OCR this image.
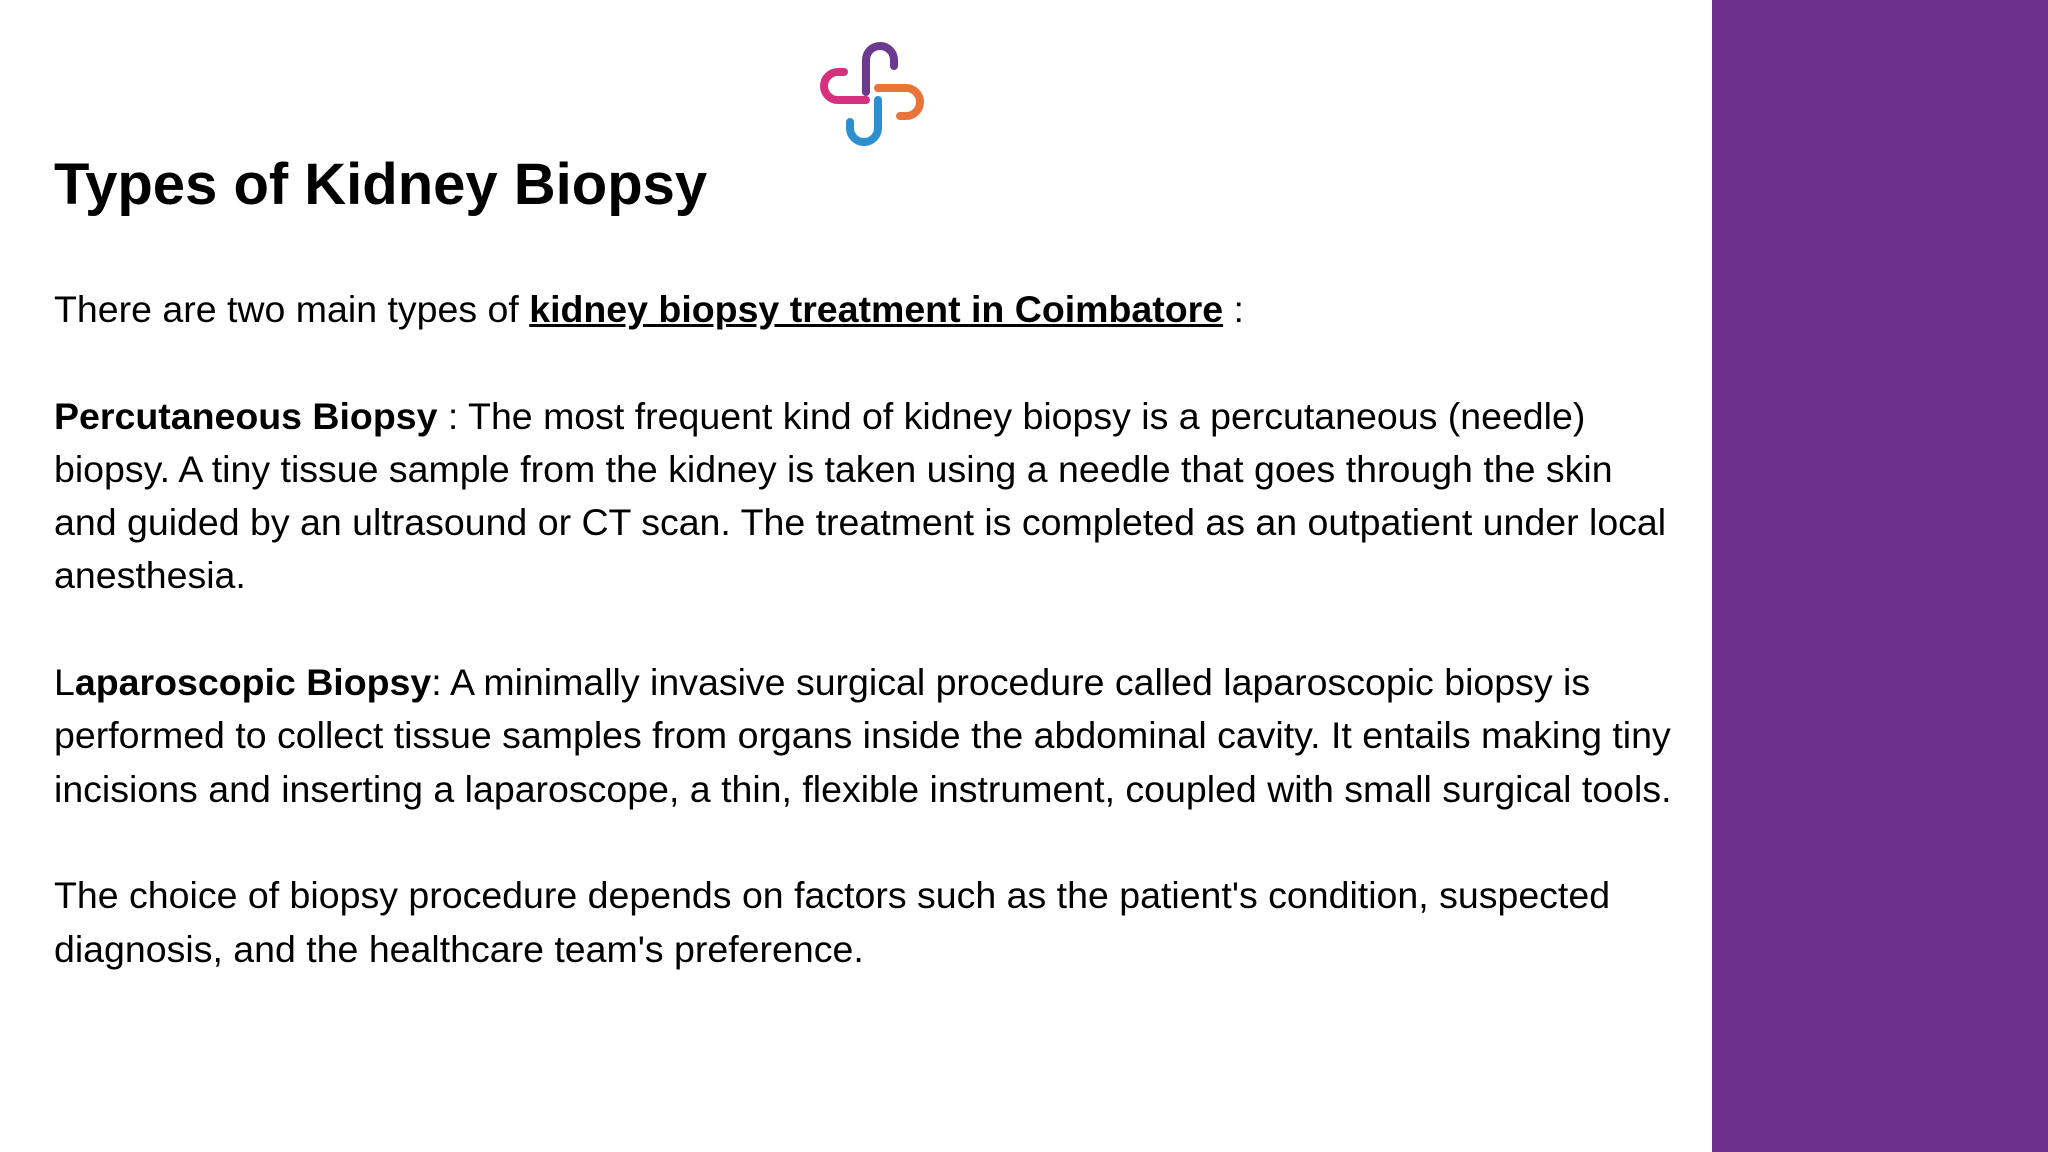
Types of Kidney Biopsy

There are two main types of kidney biopsy treatment in Coimbatore :

Percutaneous Biopsy : The most frequent kind of kidney biopsy is a percutaneous (needle) biopsy. A tiny tissue sample from the kidney is taken using a needle that goes through the skin and guided by an ultrasound or CT scan. The treatment is completed as an outpatient under local anesthesia.

Laparoscopic Biopsy: A minimally invasive surgical procedure called laparoscopic biopsy is performed to collect tissue samples from organs inside the abdominal cavity. It entails making tiny incisions and inserting a laparoscope, a thin, flexible instrument, coupled with small surgical tools.

The choice of biopsy procedure depends on factors such as the patient's condition, suspected diagnosis, and the healthcare team's preference.
